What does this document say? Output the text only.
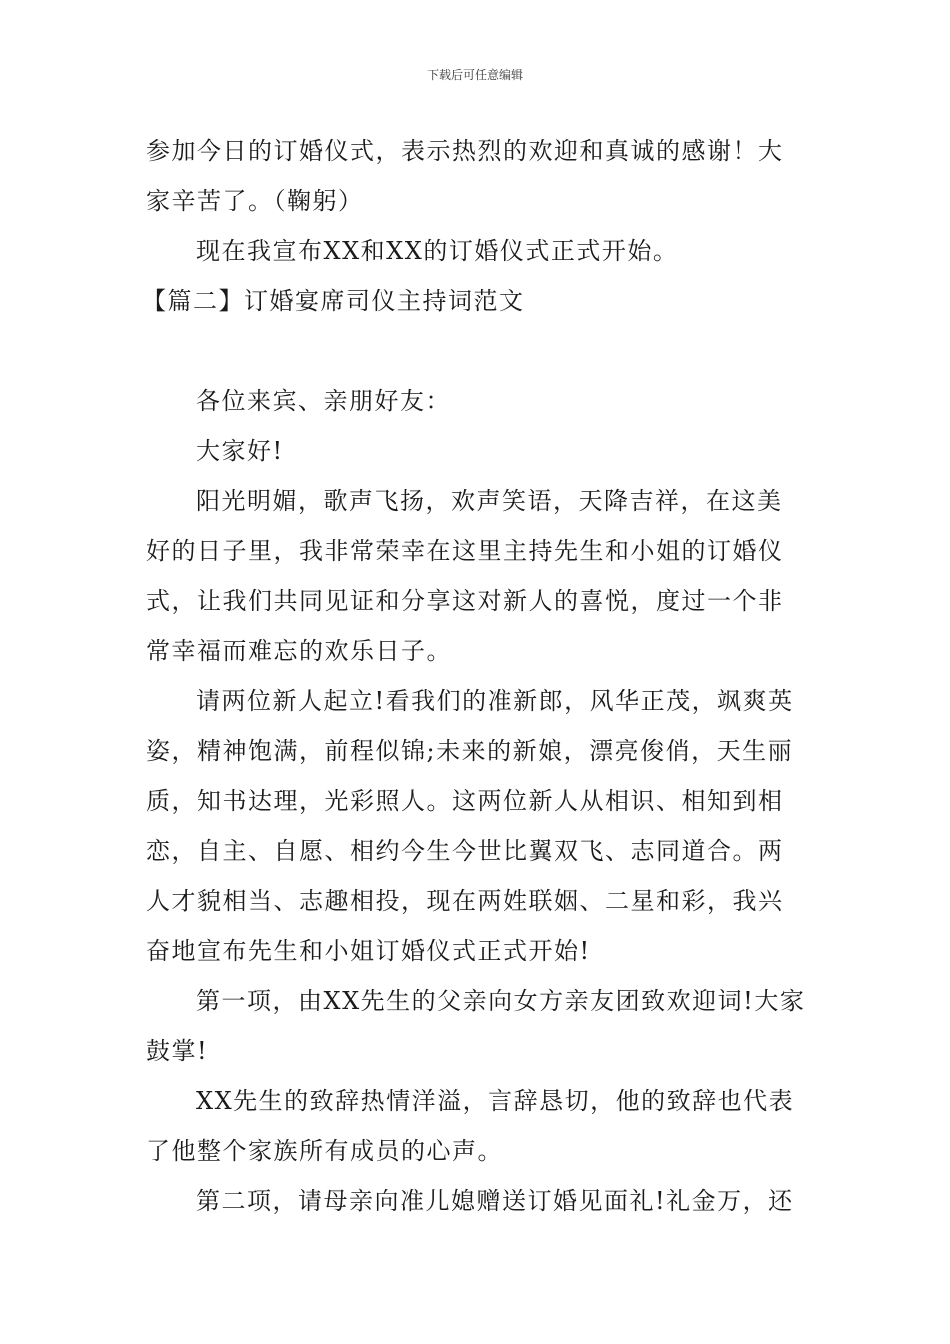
下载后可任意编辑
参加今日的订婚仪式，表示热烈的欢迎和真诚的感谢！大
家辛苦了。（鞠躬）
现在我宣布XX和XX的订婚仪式正式开始。
【篇二】订婚宴席司仪主持词范文
各位来宾、亲朋好友：
大家好!
阳光明媚，歌声飞扬，欢声笑语，天降吉祥，在这美
好的日子里，我非常荣幸在这里主持先生和小姐的订婚仪
式，让我们共同见证和分享这对新人的喜悦，度过一个非
常幸福而难忘的欢乐日子。
请两位新人起立!看我们的准新郎，风华正茂，飒爽英
姿，精神饱满，前程似锦;未来的新娘，漂亮俊俏，天生丽
质，知书达理，光彩照人。这两位新人从相识、相知到相
恋，自主、自愿、相约今生今世比翼双飞、志同道合。两
人才貌相当、志趣相投，现在两姓联姻、二星和彩，我兴
奋地宣布先生和小姐订婚仪式正式开始!
第一项，由XX先生的父亲向女方亲友团致欢迎词!大家
鼓掌!
XX先生的致辞热情洋溢，言辞恳切，他的致辞也代表
了他整个家族所有成员的心声。
第二项，请母亲向准儿媳赠送订婚见面礼!礼金万，还
